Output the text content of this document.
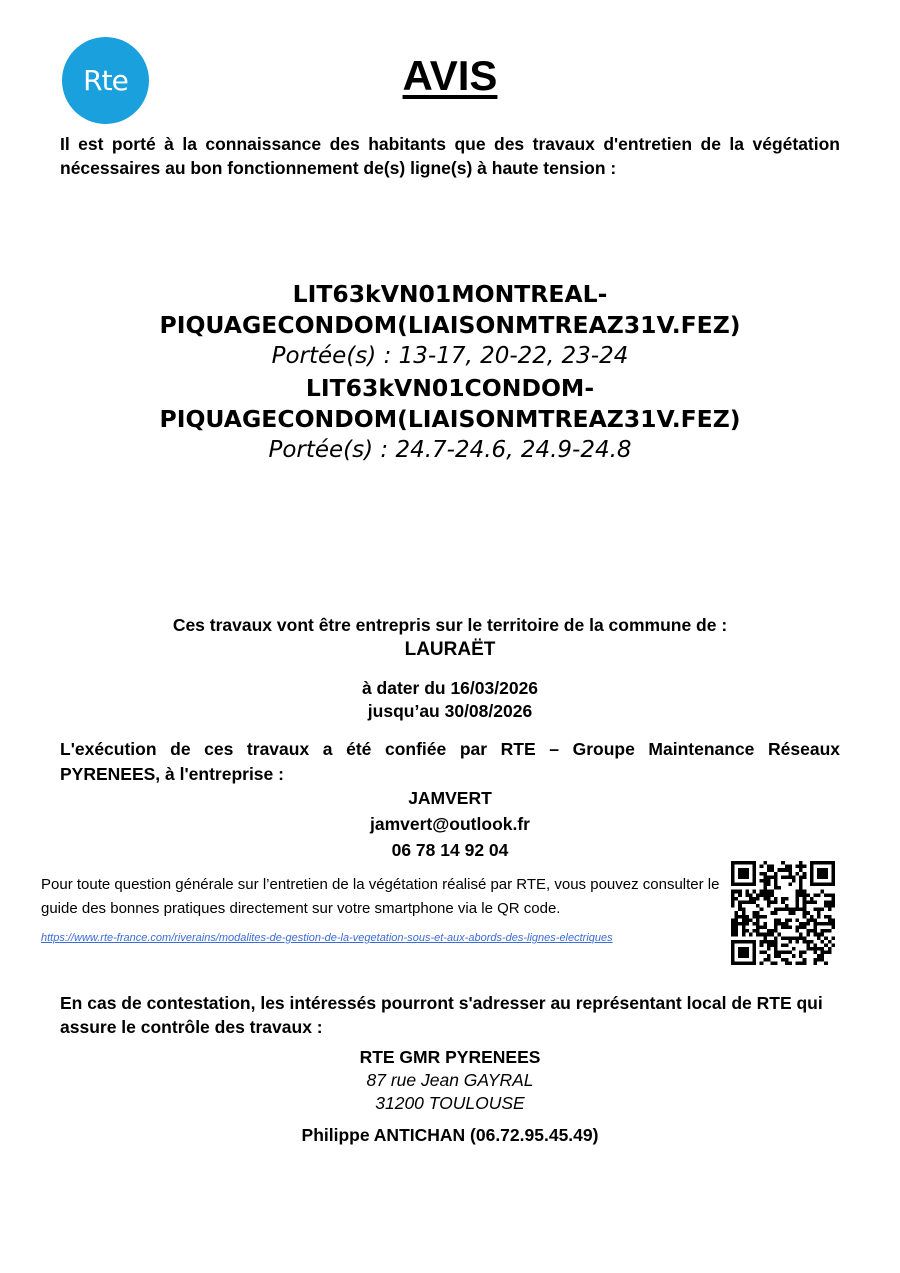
Rte	AVIS
Il est porté à la connaissance des habitants que des travaux d'entretien de la végétation nécessaires au bon fonctionnement de(s) ligne(s) à haute tension :
LIT63kVN01MONTREAL-
PIQUAGECONDOM(LIAISONMTREAZ31V.FEZ)
Portée(s) : 13-17, 20-22, 23-24
LIT63kVN01CONDOM-
PIQUAGECONDOM(LIAISONMTREAZ31V.FEZ)
Portée(s) : 24.7-24.6, 24.9-24.8
Ces travaux vont être entrepris sur le territoire de la commune de :
LAURAËT
à dater du 16/03/2026
jusqu’au 30/08/2026
L'exécution de ces travaux a été confiée par RTE – Groupe Maintenance Réseaux PYRENEES, à l'entreprise :
JAMVERT
jamvert@outlook.fr
06 78 14 92 04
Pour toute question générale sur l’entretien de la végétation réalisé par RTE, vous pouvez consulter le guide des bonnes pratiques directement sur votre smartphone via le QR code.
https://www.rte-france.com/riverains/modalites-de-gestion-de-la-vegetation-sous-et-aux-abords-des-lignes-electriques
En cas de contestation, les intéressés pourront s'adresser au représentant local de RTE qui assure le contrôle des travaux :
RTE GMR PYRENEES
87 rue Jean GAYRAL
31200 TOULOUSE
Philippe ANTICHAN (06.72.95.45.49)
